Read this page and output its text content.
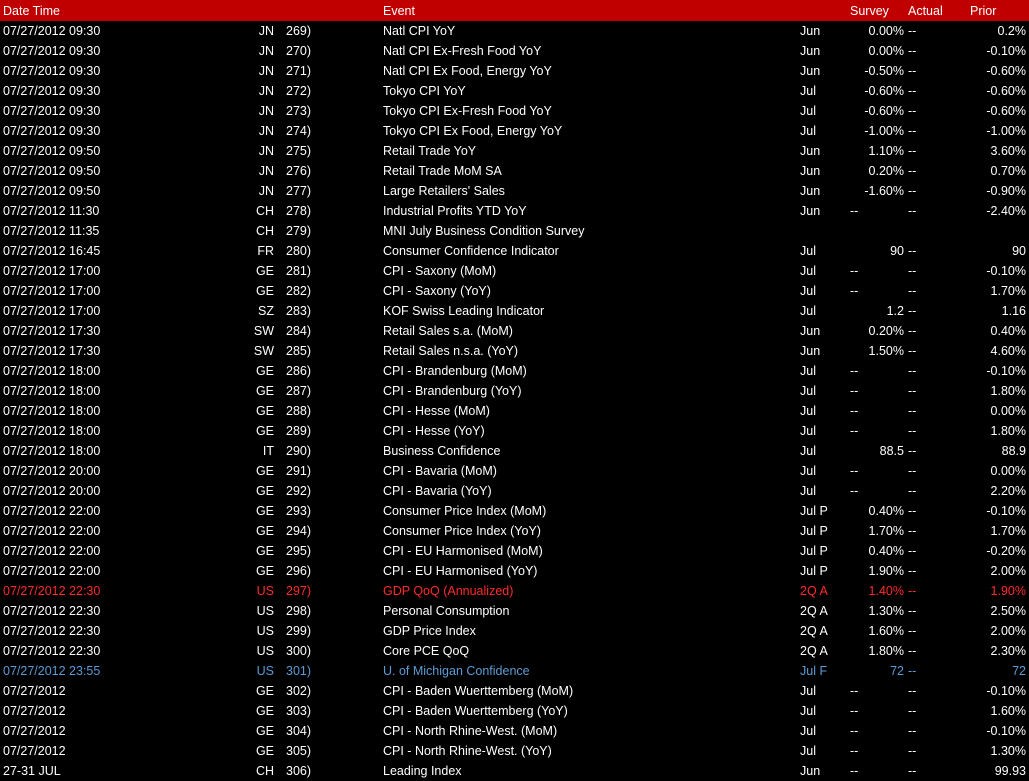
Date Time	Event	Survey Actual Prior
07/27/2012 09:30	JN 269)	Natl CPI YoY	Jun	0.00% --	0.2%
07/27/2012 09:30	JN 270)	Natl CPI Ex-Fresh Food YoY	Jun	0.00% --	-0.10%
07/27/2012 09:30	JN 271)	Natl CPI Ex Food, Energy YoY	Jun	-0.50% --	-0.60%
07/27/2012 09:30	JN 272)	Tokyo CPI YoY	Jul	-0.60% --	-0.60%
07/27/2012 09:30	JN 273)	Tokyo CPI Ex-Fresh Food YoY	Jul	-0.60% --	-0.60%
07/27/2012 09:30	JN 274)	Tokyo CPI Ex Food, Energy YoY	Jul	-1.00% --	-1.00%
07/27/2012 09:50	JN 275)	Retail Trade YoY	Jun	1.10% --	3.60%
07/27/2012 09:50	JN 276)	Retail Trade MoM SA	Jun	0.20% --	0.70%
07/27/2012 09:50	JN 277)	Large Retailers' Sales	Jun	-1.60% --	-0.90%
07/27/2012 11:30	CH 278)	Industrial Profits YTD YoY	Jun	--	--	-2.40%
07/27/2012 11:35	CH 279)	MNI July Business Condition Survey
07/27/2012 16:45	FR 280)	Consumer Confidence Indicator	Jul	90 --	90
07/27/2012 17:00	GE 281)	CPI - Saxony (MoM)	Jul	--	--	-0.10%
07/27/2012 17:00	GE 282)	CPI - Saxony (YoY)	Jul	--	--	1.70%
07/27/2012 17:00	SZ 283)	KOF Swiss Leading Indicator	Jul	1.2 --	1.16
07/27/2012 17:30	SW 284)	Retail Sales s.a. (MoM)	Jun	0.20% --	0.40%
07/27/2012 17:30	SW 285)	Retail Sales n.s.a. (YoY)	Jun	1.50% --	4.60%
07/27/2012 18:00	GE 286)	CPI - Brandenburg (MoM)	Jul	--	--	-0.10%
07/27/2012 18:00	GE 287)	CPI - Brandenburg (YoY)	Jul	--	--	1.80%
07/27/2012 18:00	GE 288)	CPI - Hesse (MoM)	Jul	--	--	0.00%
07/27/2012 18:00	GE 289)	CPI - Hesse (YoY)	Jul	--	--	1.80%
07/27/2012 18:00	IT 290)	Business Confidence	Jul	88.5 --	88.9
07/27/2012 20:00	GE 291)	CPI - Bavaria (MoM)	Jul	--	--	0.00%
07/27/2012 20:00	GE 292)	CPI - Bavaria (YoY)	Jul	--	--	2.20%
07/27/2012 22:00	GE 293)	Consumer Price Index (MoM)	Jul P	0.40% --	-0.10%
07/27/2012 22:00	GE 294)	Consumer Price Index (YoY)	Jul P	1.70% --	1.70%
07/27/2012 22:00	GE 295)	CPI - EU Harmonised (MoM)	Jul P	0.40% --	-0.20%
07/27/2012 22:00	GE 296)	CPI - EU Harmonised (YoY)	Jul P	1.90% --	2.00%
07/27/2012 22:30	US 297)	GDP QoQ (Annualized)	2Q A	1.40% --	1.90%
07/27/2012 22:30	US 298)	Personal Consumption	2Q A	1.30% --	2.50%
07/27/2012 22:30	US 299)	GDP Price Index	2Q A	1.60% --	2.00%
07/27/2012 22:30	US 300)	Core PCE QoQ	2Q A	1.80% --	2.30%
07/27/2012 23:55	US 301)	U. of Michigan Confidence	Jul F	72 --	72
07/27/2012	GE 302)	CPI - Baden Wuerttemberg (MoM)	Jul	--	--	-0.10%
07/27/2012	GE 303)	CPI - Baden Wuerttemberg (YoY)	Jul	--	--	1.60%
07/27/2012	GE 304)	CPI - North Rhine-West. (MoM)	Jul	--	--	-0.10%
07/27/2012	GE 305)	CPI - North Rhine-West. (YoY)	Jul	--	--	1.30%
27-31 JUL	CH 306)	Leading Index	Jun	--	--	99.93
